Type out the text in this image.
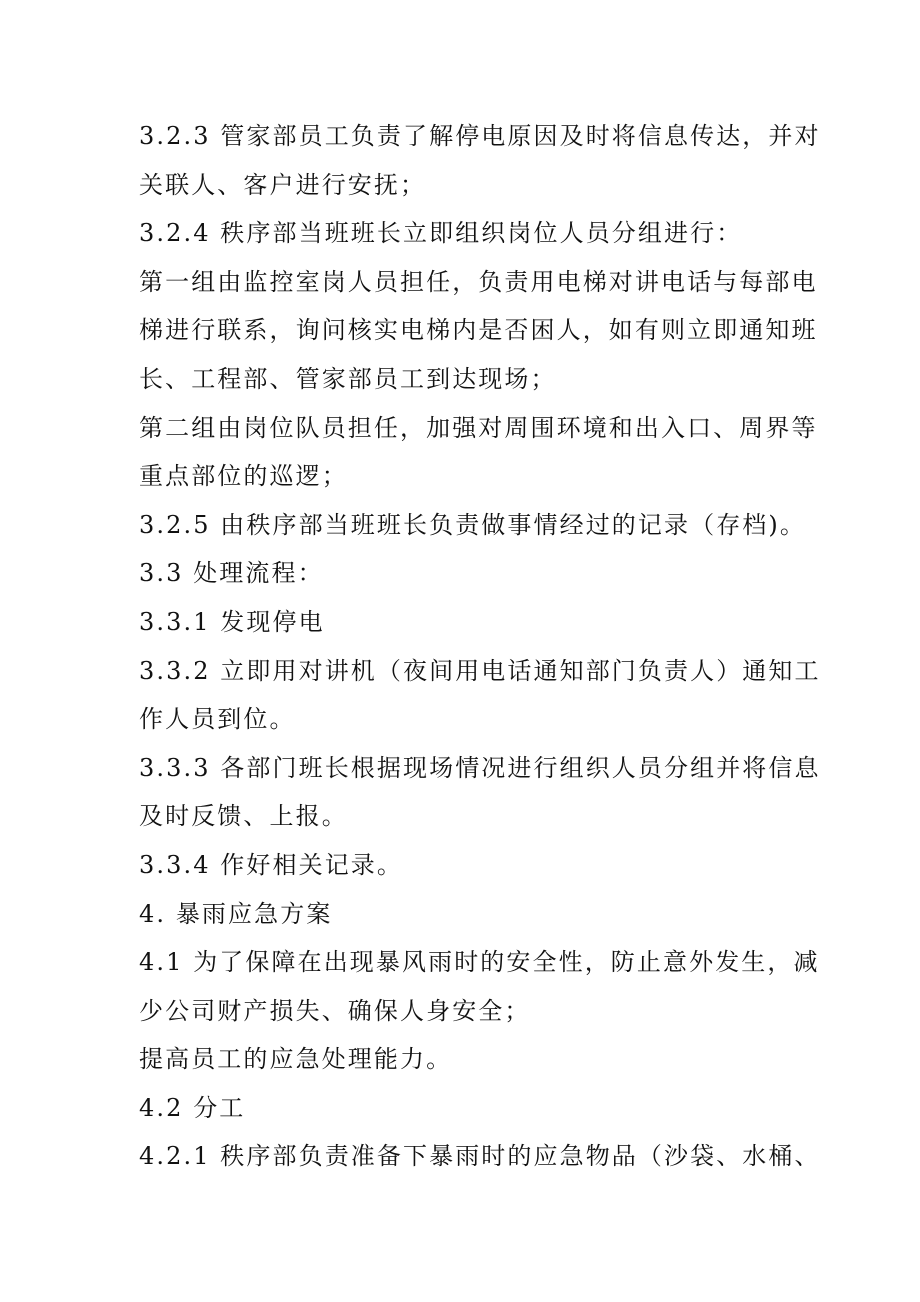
3.2.3 管家部员工负责了解停电原因及时将信息传达，并对
关联人、客户进行安抚；
3.2.4 秩序部当班班长立即组织岗位人员分组进行：
第一组由监控室岗人员担任，负责用电梯对讲电话与每部电
梯进行联系，询问核实电梯内是否困人，如有则立即通知班
长、工程部、管家部员工到达现场；
第二组由岗位队员担任，加强对周围环境和出入口、周界等
重点部位的巡逻；
3.2.5 由秩序部当班班长负责做事情经过的记录（存档)。
3.3 处理流程：
3.3.1 发现停电
3.3.2 立即用对讲机（夜间用电话通知部门负责人）通知工
作人员到位。
3.3.3 各部门班长根据现场情况进行组织人员分组并将信息
及时反馈、上报。
3.3.4 作好相关记录。
4. 暴雨应急方案
4.1 为了保障在出现暴风雨时的安全性，防止意外发生，减
少公司财产损失、确保人身安全；
提高员工的应急处理能力。
4.2 分工
4.2.1 秩序部负责准备下暴雨时的应急物品（沙袋、水桶、
